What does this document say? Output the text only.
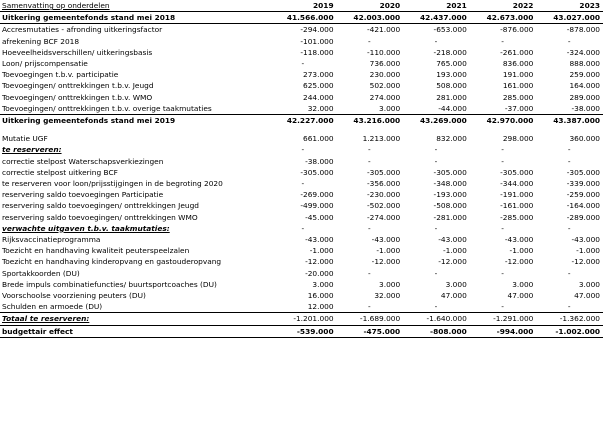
Samenvatting op onderdelen	2019	2020	2021	2022	2023
Uitkering gemeentefonds stand mei 2018	41.566.000	42.003.000	42.437.000	42.673.000	43.027.000
Accresmutaties - afronding uitkeringsfactor	-294.000	-421.000	-653.000	-876.000	-878.000
afrekening BCF 2018	-101.000	-	-	-	-
Hoeveelheidsverschillen/ uitkeringsbasis	-118.000	-110.000	-218.000	-261.000	-324.000
Loon/ prijscompensatie	-	736.000	765.000	836.000	888.000
Toevoegingen t.b.v. participatie	273.000	230.000	193.000	191.000	259.000
Toevoegingen/ onttrekkingen t.b.v. Jeugd	625.000	502.000	508.000	161.000	164.000
Toevoegingen/ onttrekkingen t.b.v. WMO	244.000	274.000	281.000	285.000	289.000
Toevoegingen/ onttrekkingen t.b.v. overige taakmutaties	32.000	3.000	-44.000	-37.000	-38.000
Uitkering gemeentefonds stand mei 2019	42.227.000	43.216.000	43.269.000	42.970.000	43.387.000

Mutatie UGF	661.000	1.213.000	832.000	298.000	360.000
te reserveren:	-	-	-	-	-
correctie stelpost Waterschapsverkiezingen	-38.000	-	-	-	-
correctie stelpost uitkering BCF	-305.000	-305.000	-305.000	-305.000	-305.000
te reserveren voor loon/prijsstijgingen in de begroting 2020	-	-356.000	-348.000	-344.000	-339.000
reservering saldo toevoegingen Participatie	-269.000	-230.000	-193.000	-191.000	-259.000
reservering saldo toevoegingen/ onttrekkingen Jeugd	-499.000	-502.000	-508.000	-161.000	-164.000
reservering saldo toevoegingen/ onttrekkingen WMO	-45.000	-274.000	-281.000	-285.000	-289.000
verwachte uitgaven t.b.v. taakmutaties:	-	-	-	-	-
Rijksvaccinatieprogramma	-43.000	-43.000	-43.000	-43.000	-43.000
Toezicht en handhaving kwaliteit peuterspeelzalen	-1.000	-1.000	-1.000	-1.000	-1.000
Toezicht en handhaving kinderopvang en gastouderopvang	-12.000	-12.000	-12.000	-12.000	-12.000
Sportakkoorden (DU)	-20.000	-	-	-	-
Brede impuls combinatiefuncties/ buurtsportcoaches (DU)	3.000	3.000	3.000	3.000	3.000
Voorschoolse voorziening peuters (DU)	16.000	32.000	47.000	47.000	47.000
Schulden en armoede (DU)	12.000	-	-	-	-
Totaal te reserveren:	-1.201.000	-1.689.000	-1.640.000	-1.291.000	-1.362.000
budgettair effect	-539.000	-475.000	-808.000	-994.000	-1.002.000
